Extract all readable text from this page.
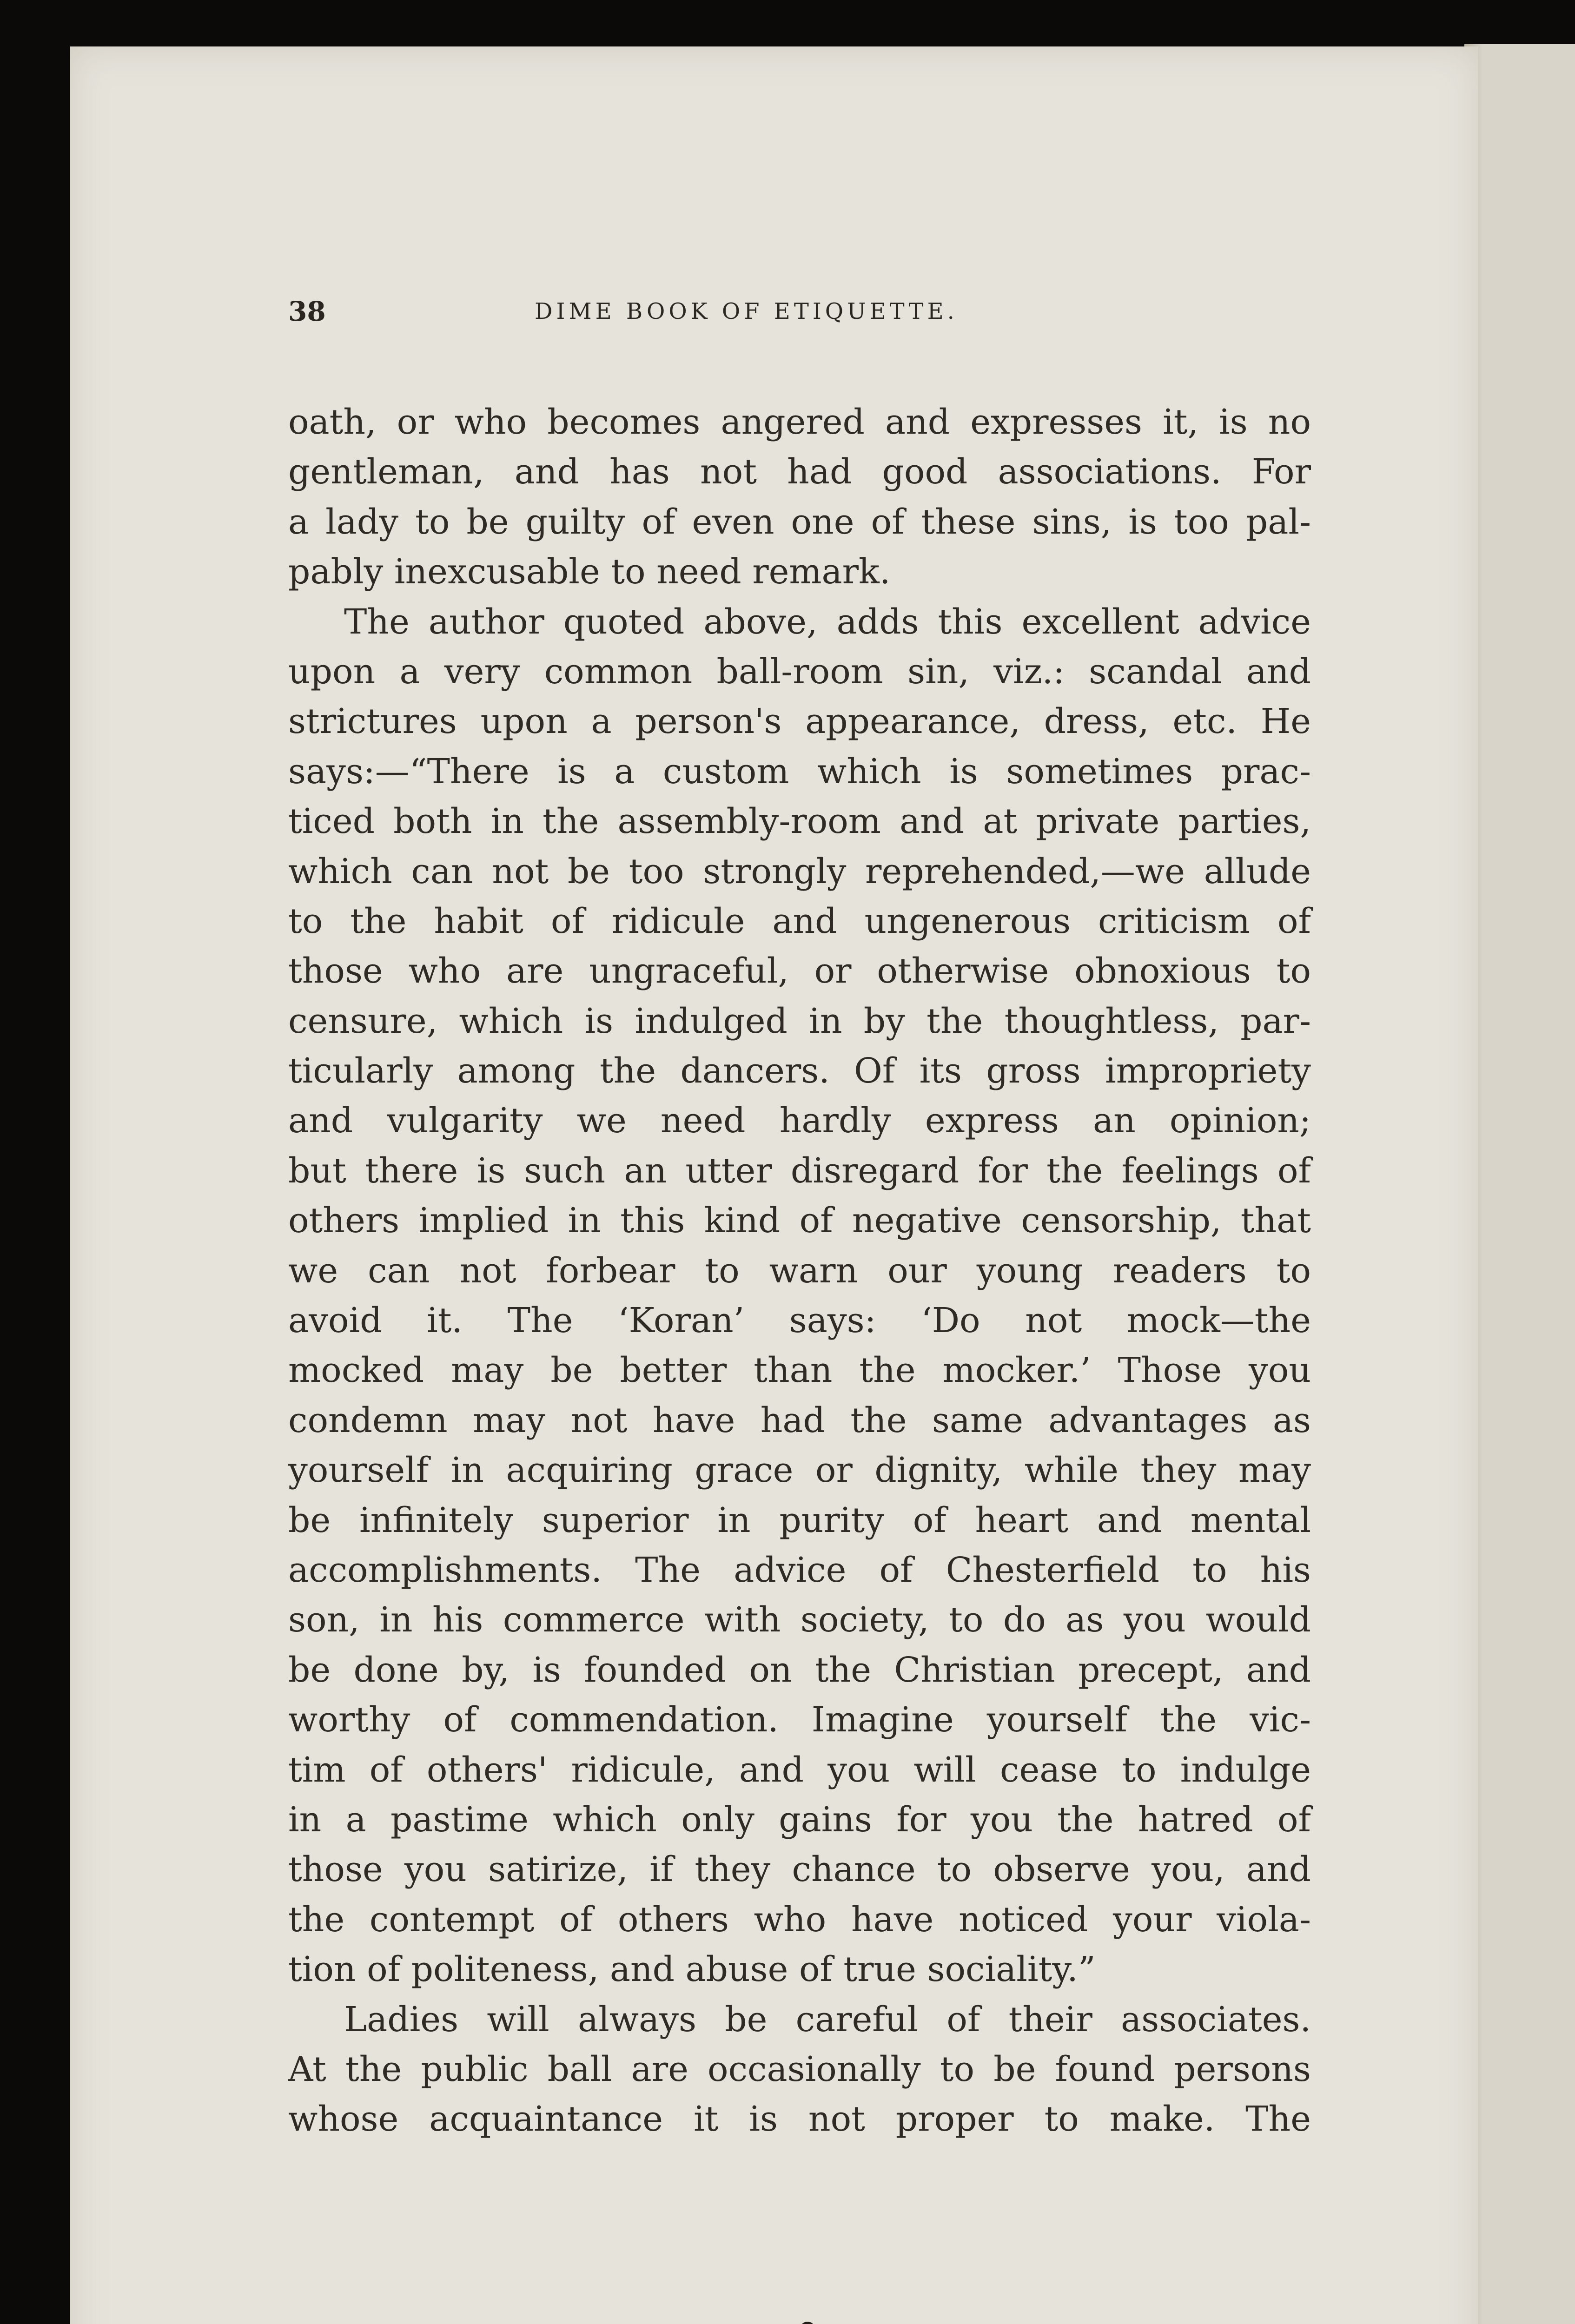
38	DIME BOOK OF ETIQUETTE.
oath, or who becomes angered and expresses it, is no
gentleman, and has not had good associations. For
a lady to be guilty of even one of these sins, is too pal-
pably inexcusable to need remark.
The author quoted above, adds this excellent advice
upon a very common ball-room sin, viz.: scandal and
strictures upon a person's appearance, dress, etc. He
says:—“There is a custom which is sometimes prac-
ticed both in the assembly-room and at private parties,
which can not be too strongly reprehended,—we allude
to the habit of ridicule and ungenerous criticism of
those who are ungraceful, or otherwise obnoxious to
censure, which is indulged in by the thoughtless, par-
ticularly among the dancers. Of its gross impropriety
and vulgarity we need hardly express an opinion;
but there is such an utter disregard for the feelings of
others implied in this kind of negative censorship, that
we can not forbear to warn our young readers to
avoid it. The ‘Koran’ says: ‘Do not mock—the
mocked may be better than the mocker.’ Those you
condemn may not have had the same advantages as
yourself in acquiring grace or dignity, while they may
be infinitely superior in purity of heart and mental
accomplishments. The advice of Chesterfield to his
son, in his commerce with society, to do as you would
be done by, is founded on the Christian precept, and
worthy of commendation. Imagine yourself the vic-
tim of others' ridicule, and you will cease to indulge
in a pastime which only gains for you the hatred of
those you satirize, if they chance to observe you, and
the contempt of others who have noticed your viola-
tion of politeness, and abuse of true sociality.”
Ladies will always be careful of their associates.
At the public ball are occasionally to be found persons
whose acquaintance it is not proper to make. The
